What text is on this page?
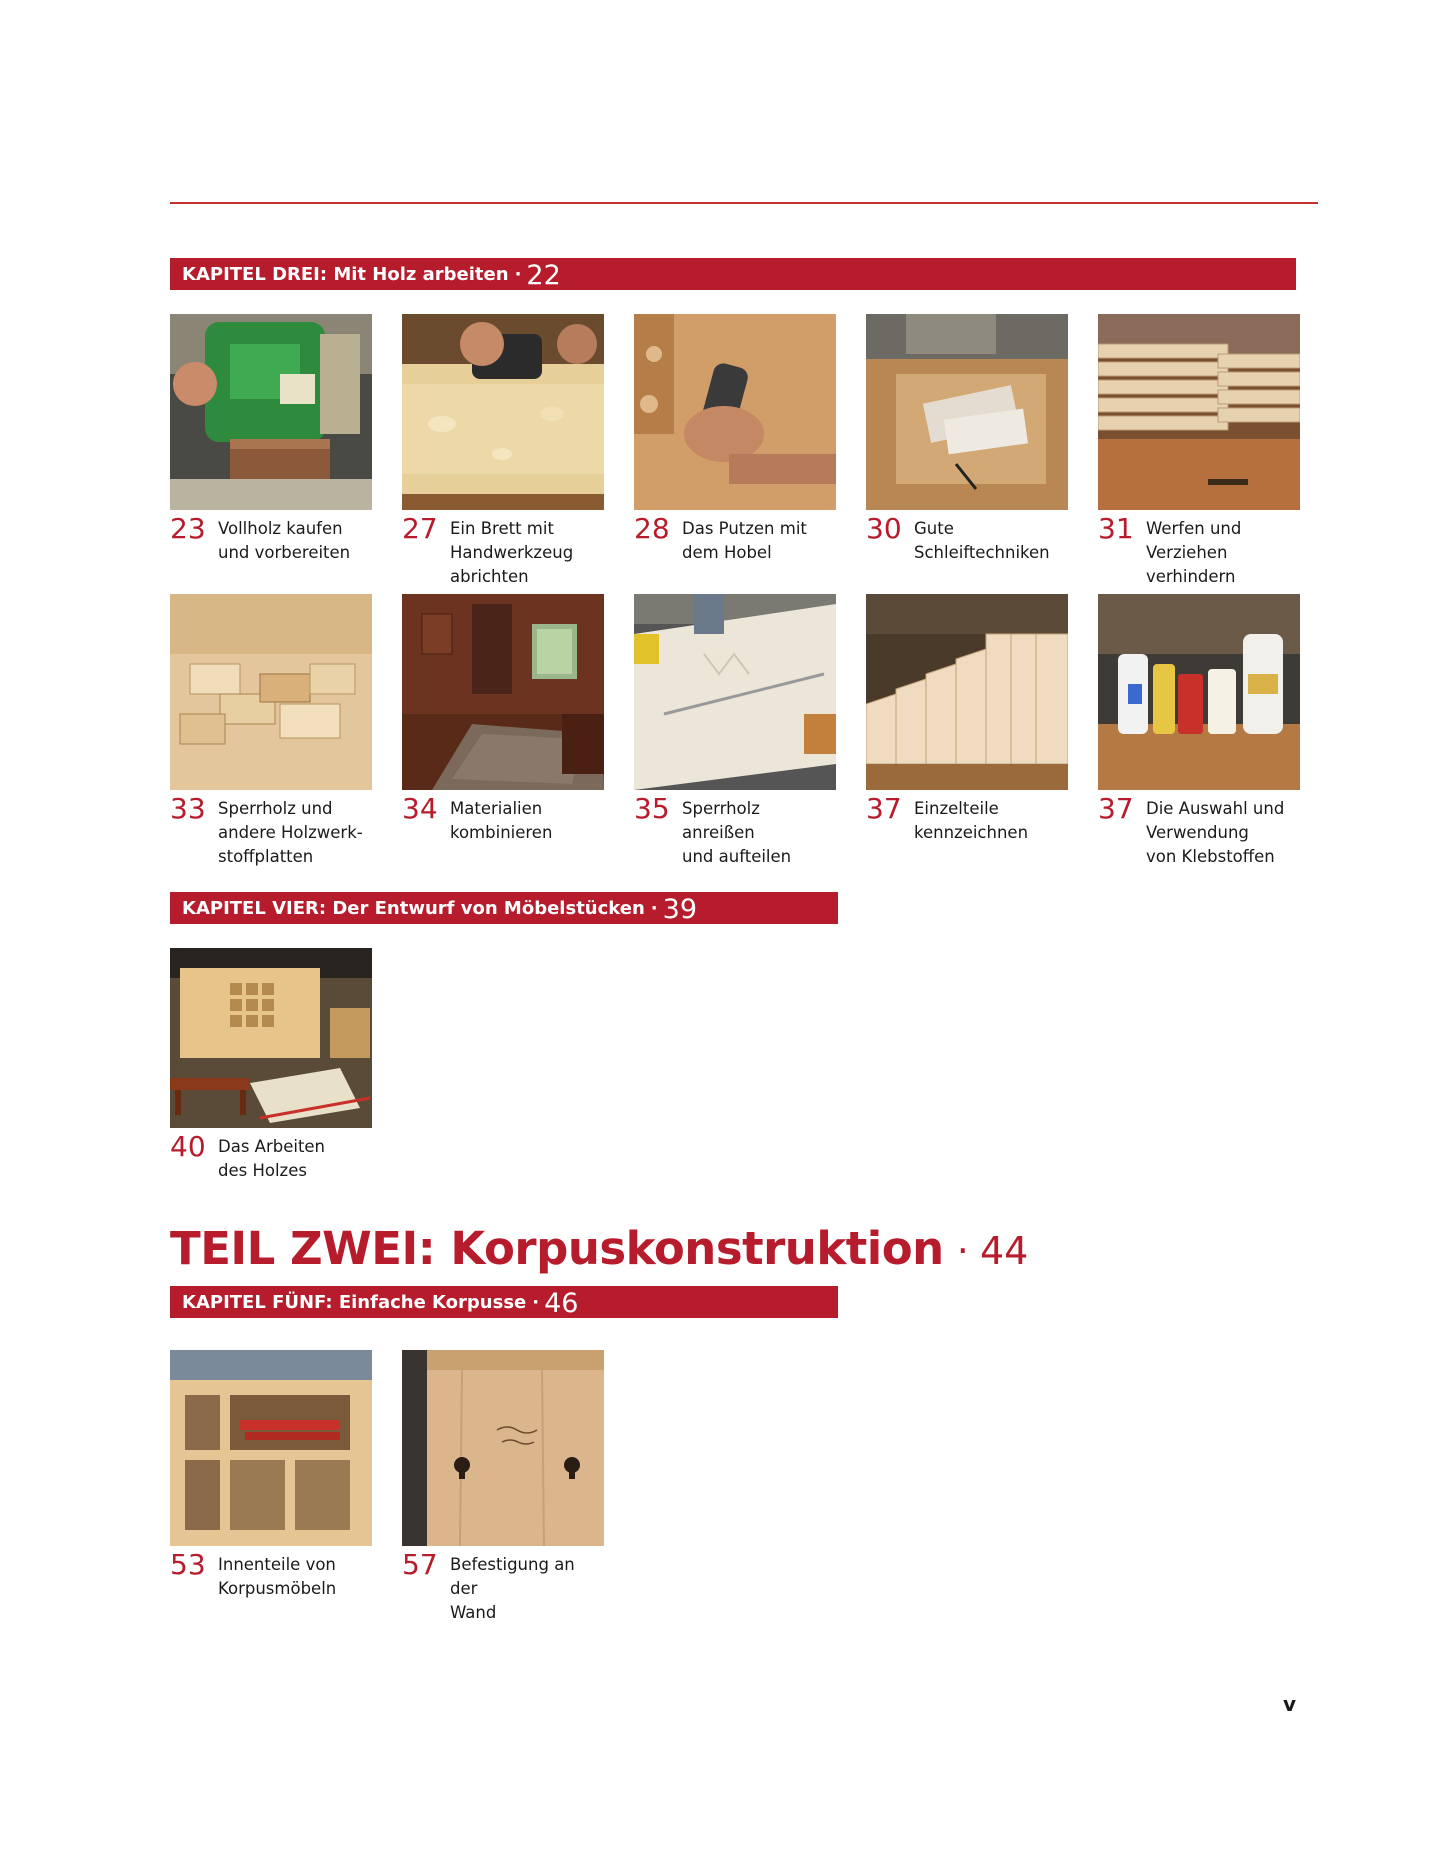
KAPITEL DREI: Mit Holz arbeiten · 22
23 Vollholz kaufen
und vorbereiten
27 Ein Brett mit
Handwerkzeug
abrichten
28 Das Putzen mit
dem Hobel
30 Gute
Schleiftechniken
31 Werfen und
Verziehen
verhindern
33 Sperrholz und
andere Holzwerk-
stoffplatten
34 Materialien
kombinieren
35 Sperrholz anreißen
und aufteilen
37 Einzelteile
kennzeichnen
37 Die Auswahl und
Verwendung
von Klebstoffen
KAPITEL VIER: Der Entwurf von Möbelstücken · 39
40 Das Arbeiten
des Holzes
TEIL ZWEI: Korpuskonstruktion · 44
KAPITEL FÜNF: Einfache Korpusse · 46
53 Innenteile von
Korpusmöbeln
57 Befestigung an der
Wand
v
